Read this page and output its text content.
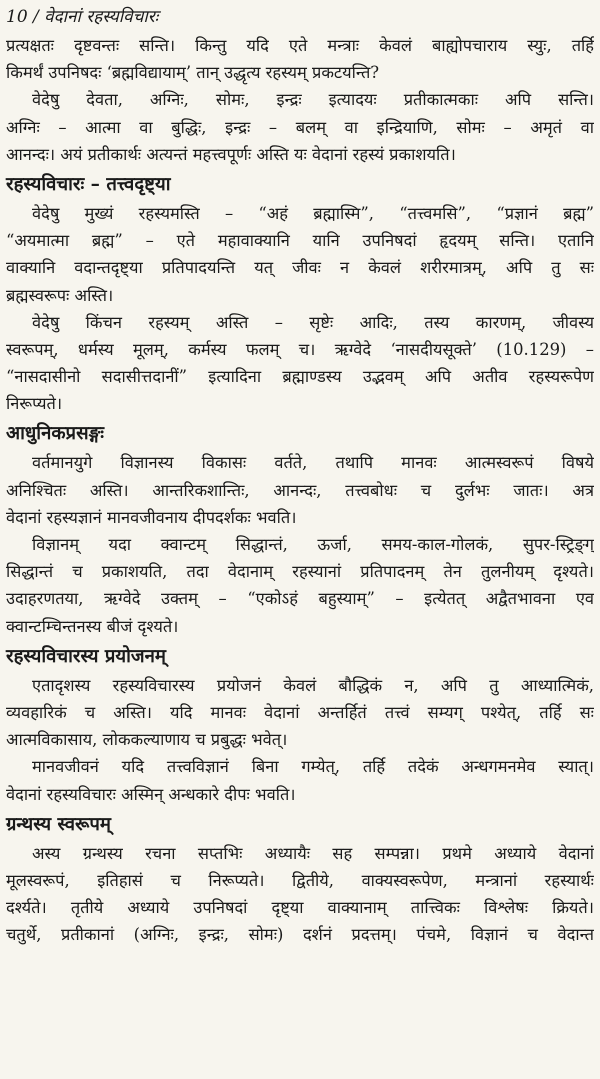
10 / वेदानां रहस्यविचारः
प्रत्यक्षतः दृष्टवन्तः सन्ति। किन्तु यदि एते मन्त्राः केवलं बाह्योपचाराय स्युः, तर्हि
किमर्थं उपनिषदः ‘ब्रह्मविद्यायाम्’ तान् उद्धृत्य रहस्यम् प्रकटयन्ति?
वेदेषु देवता, अग्निः, सोमः, इन्द्रः इत्यादयः प्रतीकात्मकाः अपि सन्ति।
अग्निः – आत्मा वा बुद्धिः, इन्द्रः – बलम् वा इन्द्रियाणि, सोमः – अमृतं वा
आनन्दः। अयं प्रतीकार्थः अत्यन्तं महत्त्वपूर्णः अस्ति यः वेदानां रहस्यं प्रकाशयति।
रहस्यविचारः – तत्त्वदृष्ट्या
वेदेषु मुख्यं रहस्यमस्ति – “अहं ब्रह्मास्मि”, “तत्त्वमसि”, “प्रज्ञानं ब्रह्म”
“अयमात्मा ब्रह्म” – एते महावाक्यानि यानि उपनिषदां हृदयम् सन्ति। एतानि
वाक्यानि वदान्तदृष्ट्या प्रतिपादयन्ति यत् जीवः न केवलं शरीरमात्रम्, अपि तु सः
ब्रह्मस्वरूपः अस्ति।
वेदेषु किंचन रहस्यम् अस्ति – सृष्टेः आदिः, तस्य कारणम्, जीवस्य
स्वरूपम्, धर्मस्य मूलम्, कर्मस्य फलम् च। ऋग्वेदे ‘नासदीयसूक्ते’ (10.129) –
“नासदासीनो सदासीत्तदानीं” इत्यादिना ब्रह्माण्डस्य उद्भवम् अपि अतीव रहस्यरूपेण
निरूप्यते।
आधुनिकप्रसङ्गः
वर्तमानयुगे विज्ञानस्य विकासः वर्तते, तथापि मानवः आत्मस्वरूपं विषये
अनिश्चितः अस्ति। आन्तरिकशान्तिः, आनन्दः, तत्त्वबोधः च दुर्लभः जातः। अत्र
वेदानां रहस्यज्ञानं मानवजीवनाय दीपदर्शकः भवति।
विज्ञानम् यदा क्वान्टम् सिद्धान्तं, ऊर्जा, समय-काल-गोलकं, सुपर-स्ट्रिङ्ग्
सिद्धान्तं च प्रकाशयति, तदा वेदानाम् रहस्यानां प्रतिपादनम् तेन तुलनीयम् दृश्यते।
उदाहरणतया, ऋग्वेदे उक्तम् – “एकोऽहं बहुस्याम्” – इत्येतत् अद्वैतभावना एव
क्वान्टम्चिन्तनस्य बीजं दृश्यते।
रहस्यविचारस्य प्रयोजनम्
एतादृशस्य रहस्यविचारस्य प्रयोजनं केवलं बौद्धिकं न, अपि तु आध्यात्मिकं,
व्यवहारिकं च अस्ति। यदि मानवः वेदानां अन्तर्हितं तत्त्वं सम्यग् पश्येत्, तर्हि सः
आत्मविकासाय, लोककल्याणाय च प्रबुद्धः भवेत्।
मानवजीवनं यदि तत्त्वविज्ञानं बिना गम्येत्, तर्हि तदेकं अन्धगमनमेव स्यात्।
वेदानां रहस्यविचारः अस्मिन् अन्धकारे दीपः भवति।
ग्रन्थस्य स्वरूपम्
अस्य ग्रन्थस्य रचना सप्तभिः अध्यायैः सह सम्पन्ना। प्रथमे अध्याये वेदानां
मूलस्वरूपं, इतिहासं च निरूप्यते। द्वितीये, वाक्यस्वरूपेण, मन्त्रानां रहस्यार्थः
दर्श्यते। तृतीये अध्याये उपनिषदां दृष्ट्या वाक्यानाम् तात्त्विकः विश्लेषः क्रियते।
चतुर्थे, प्रतीकानां (अग्निः, इन्द्रः, सोमः) दर्शनं प्रदत्तम्। पंचमे, विज्ञानं च वेदान्त
